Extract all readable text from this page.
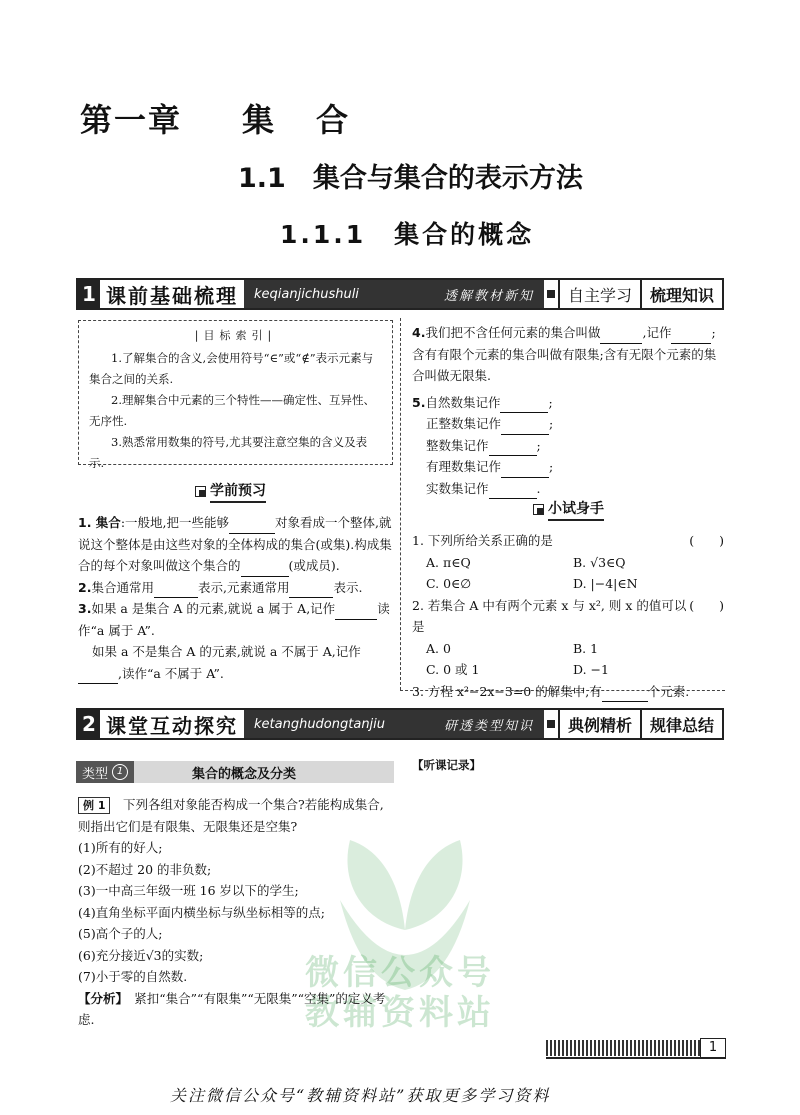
第一章 集 合
1.1　集合与集合的表示方法
1.1.1　集合的概念
1 课前基础梳理	keqianjichushuli	透解教材新知	自主学习	梳理知识
|目标索引|

1.了解集合的含义,会使用符号“∈”或“∉”表示元素与集合之间的关系.

2.理解集合中元素的三个特性——确定性、互异性、无序性.

3.熟悉常用数集的符号,尤其要注意空集的含义及表示.

学前预习

1. 集合:一般地,把一些能够	对象看成一个整体,就说这个整体是由这些对象的全体构成的集合(或集).构成集合的每个对象叫做这个集合的	(或成员).

2.集合通常用	表示,元素通常用	表示.

3.如果 a 是集合 A 的元素,就说 a 属于 A,记作	读作“a 属于 A”.

如果 a 不是集合 A 的元素,就说 a 不属于 A,记作,读作“a 不属于 A”.

4.我们把不含任何元素的集合叫做	,记作	;含有有限个元素的集合叫做有限集;含有无限个元素的集合叫做无限集.

5.自然数集记作	;

正整数集记作	;

整数集记作	;

有理数集记作	;

实数集记作	.

小试身手

1. 下列所给关系正确的是	(　　)

A. π∈Q	B. √3∈Q

C. 0∈∅	D. |−4|∈N

2. 若集合 A 中有两个元素 x 与 x², 则 x 的值可以是
(　　)

A. 0	B. 1

C. 0 或 1	D. −1

3. 方程 x²−2x−3=0 的解集中,有	个元素.

2 课堂互动探究	ketanghudongtanjiu	研透类型知识	典例精析	规律总结
类型 1	集合的概念及分类
【听课记录】
微信公众号
教辅资料站

例 1　 下列各组对象能否构成一个集合?若能构成集合,则指出它们是有限集、无限集还是空集?

(1)所有的好人;

(2)不超过 20 的非负数;

(3)一中高三年级一班 16 岁以下的学生;

(4)直角坐标平面内横坐标与纵坐标相等的点;

(5)高个子的人;

(6)充分接近√3的实数;

(7)小于零的自然数.

【分析】　 紧扣“集合”“有限集”“无限集”“空集”的定义考虑.

1
关注微信公众号“教辅资料站”获取更多学习资料
